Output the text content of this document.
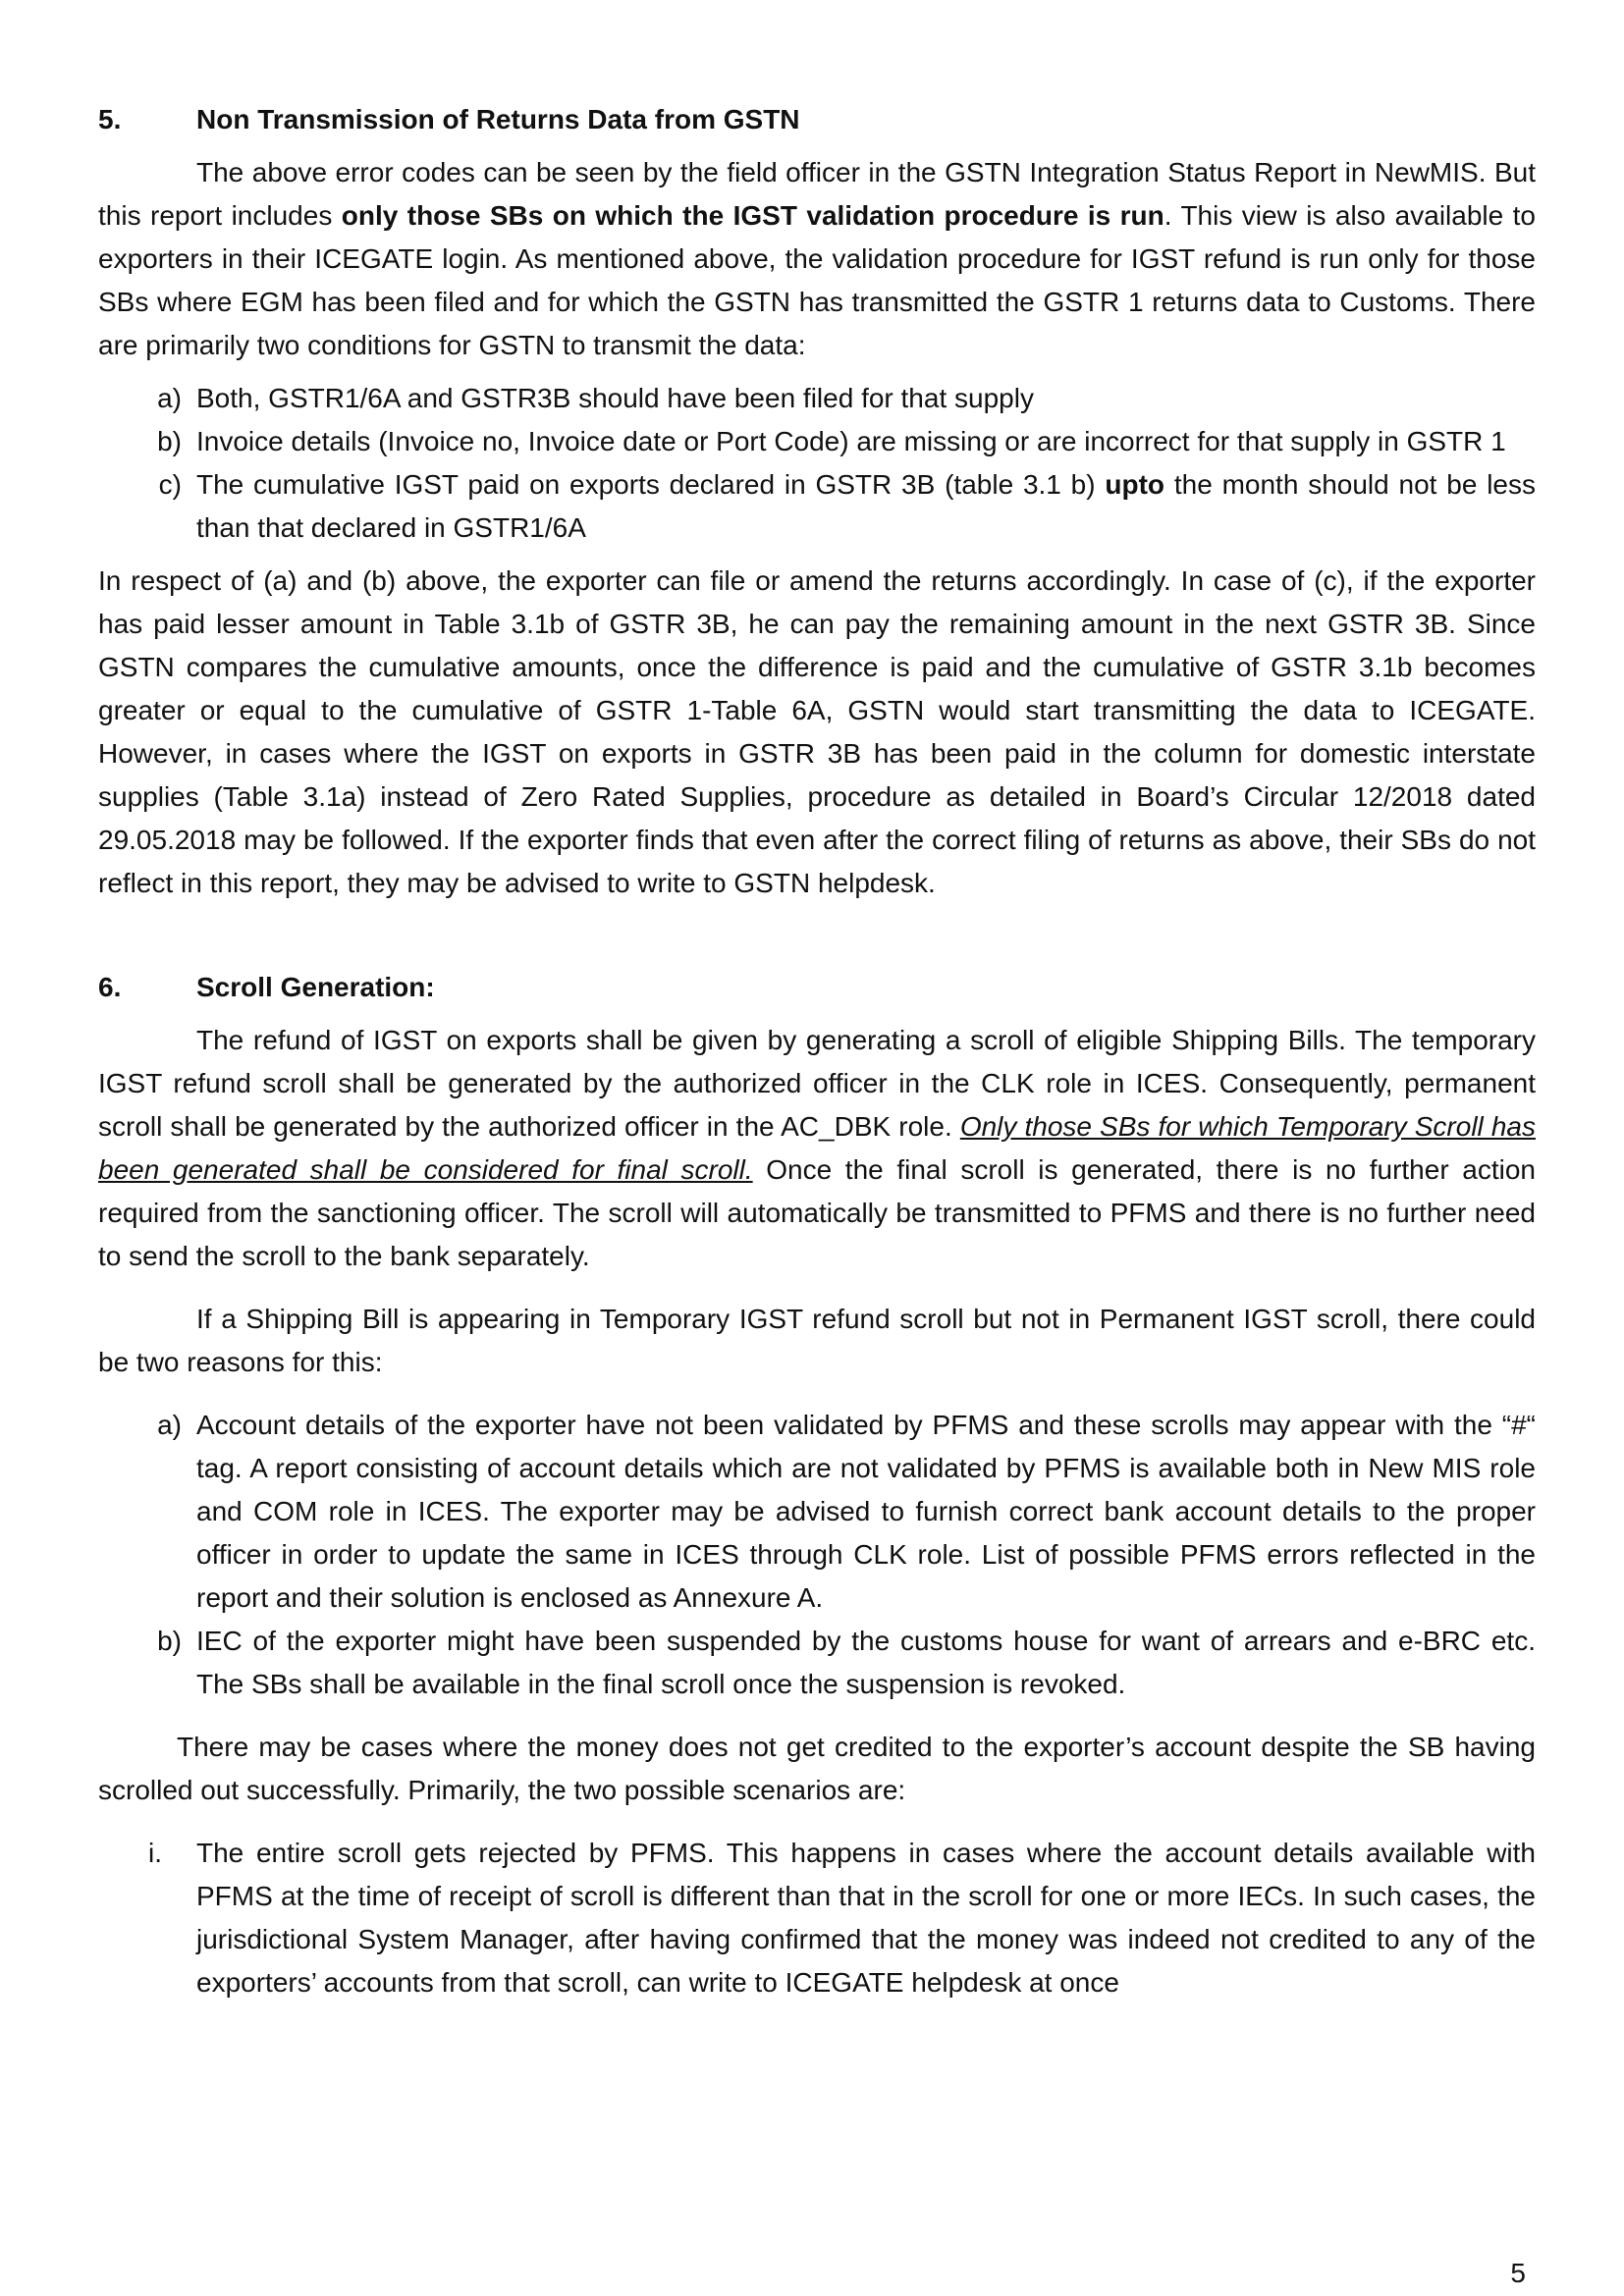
5.	Non Transmission of Returns Data from GSTN

The above error codes can be seen by the field officer in the GSTN Integration Status Report in NewMIS. But this report includes only those SBs on which the IGST validation procedure is run. This view is also available to exporters in their ICEGATE login. As mentioned above, the validation procedure for IGST refund is run only for those SBs where EGM has been filed and for which the GSTN has transmitted the GSTR 1 returns data to Customs. There are primarily two conditions for GSTN to transmit the data:

a) Both, GSTR1/6A and GSTR3B should have been filed for that supply
b) Invoice details (Invoice no, Invoice date or Port Code) are missing or are incorrect for that supply in GSTR 1
c) The cumulative IGST paid on exports declared in GSTR 3B (table 3.1 b) upto the month should not be less than that declared in GSTR1/6A

In respect of (a) and (b) above, the exporter can file or amend the returns accordingly. In case of (c), if the exporter has paid lesser amount in Table 3.1b of GSTR 3B, he can pay the remaining amount in the next GSTR 3B. Since GSTN compares the cumulative amounts, once the difference is paid and the cumulative of GSTR 3.1b becomes greater or equal to the cumulative of GSTR 1-Table 6A, GSTN would start transmitting the data to ICEGATE. However, in cases where the IGST on exports in GSTR 3B has been paid in the column for domestic interstate supplies (Table 3.1a) instead of Zero Rated Supplies, procedure as detailed in Board’s Circular 12/2018 dated 29.05.2018 may be followed. If the exporter finds that even after the correct filing of returns as above, their SBs do not reflect in this report, they may be advised to write to GSTN helpdesk.

6.	Scroll Generation:

The refund of IGST on exports shall be given by generating a scroll of eligible Shipping Bills. The temporary IGST refund scroll shall be generated by the authorized officer in the CLK role in ICES. Consequently, permanent scroll shall be generated by the authorized officer in the AC_DBK role. Only those SBs for which Temporary Scroll has been generated shall be considered for final scroll. Once the final scroll is generated, there is no further action required from the sanctioning officer. The scroll will automatically be transmitted to PFMS and there is no further need to send the scroll to the bank separately.

If a Shipping Bill is appearing in Temporary IGST refund scroll but not in Permanent IGST scroll, there could be two reasons for this:

a) Account details of the exporter have not been validated by PFMS and these scrolls may appear with the “#“ tag. A report consisting of account details which are not validated by PFMS is available both in New MIS role and COM role in ICES. The exporter may be advised to furnish correct bank account details to the proper officer in order to update the same in ICES through CLK role. List of possible PFMS errors reflected in the report and their solution is enclosed as Annexure A.
b) IEC of the exporter might have been suspended by the customs house for want of arrears and e-BRC etc. The SBs shall be available in the final scroll once the suspension is revoked.

There may be cases where the money does not get credited to the exporter’s account despite the SB having scrolled out successfully. Primarily, the two possible scenarios are:

i. The entire scroll gets rejected by PFMS. This happens in cases where the account details available with PFMS at the time of receipt of scroll is different than that in the scroll for one or more IECs. In such cases, the jurisdictional System Manager, after having confirmed that the money was indeed not credited to any of the exporters’ accounts from that scroll, can write to ICEGATE helpdesk at once
5
